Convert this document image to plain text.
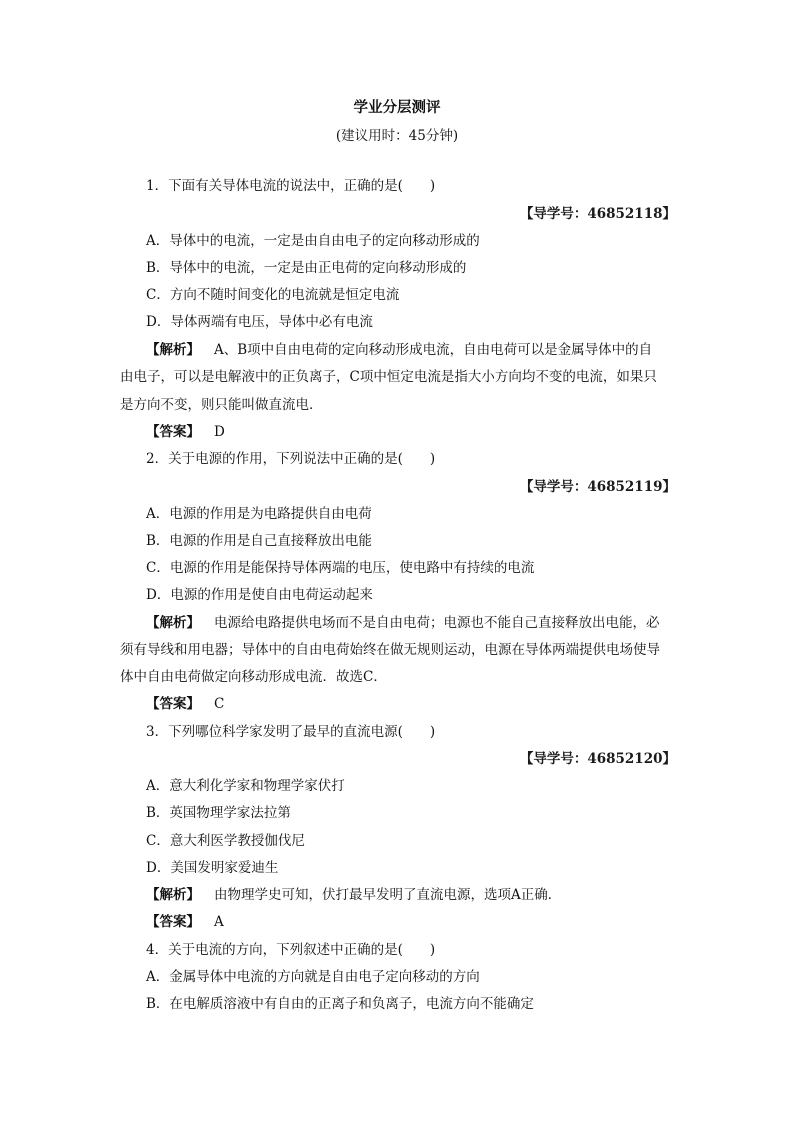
学业分层测评
(建议用时：45分钟)
1．下面有关导体电流的说法中，正确的是(　　)
【导学号：46852118】
A．导体中的电流，一定是由自由电子的定向移动形成的
B．导体中的电流，一定是由正电荷的定向移动形成的
C．方向不随时间变化的电流就是恒定电流
D．导体两端有电压，导体中必有电流
【解析】 A、B项中自由电荷的定向移动形成电流，自由电荷可以是金属导体中的自
由电子，可以是电解液中的正负离子，C项中恒定电流是指大小方向均不变的电流，如果只
是方向不变，则只能叫做直流电．
【答案】 D
2．关于电源的作用，下列说法中正确的是(　　)
【导学号：46852119】
A．电源的作用是为电路提供自由电荷
B．电源的作用是自己直接释放出电能
C．电源的作用是能保持导体两端的电压，使电路中有持续的电流
D．电源的作用是使自由电荷运动起来
【解析】 电源给电路提供电场而不是自由电荷；电源也不能自己直接释放出电能，必
须有导线和用电器；导体中的自由电荷始终在做无规则运动，电源在导体两端提供电场使导
体中自由电荷做定向移动形成电流．故选C．
【答案】 C
3．下列哪位科学家发明了最早的直流电源(　　)
【导学号：46852120】
A．意大利化学家和物理学家伏打
B．英国物理学家法拉第
C．意大利医学教授伽伐尼
D．美国发明家爱迪生
【解析】 由物理学史可知，伏打最早发明了直流电源，选项A正确．
【答案】 A
4．关于电流的方向，下列叙述中正确的是(　　)
A．金属导体中电流的方向就是自由电子定向移动的方向
B．在电解质溶液中有自由的正离子和负离子，电流方向不能确定
